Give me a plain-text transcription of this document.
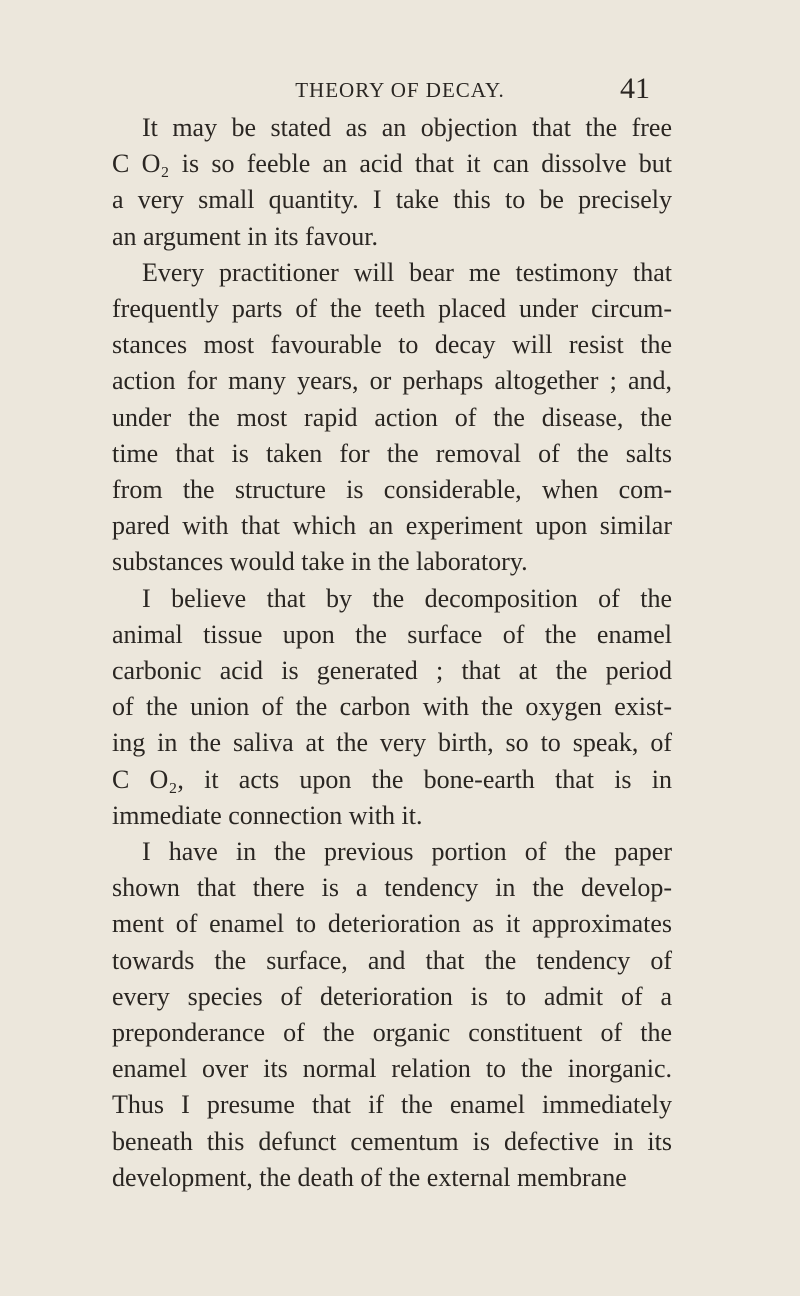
THEORY OF DECAY.	41
It may be stated as an objection that the free
C O₂ is so feeble an acid that it can dissolve but
a very small quantity. I take this to be precisely
an argument in its favour.
Every practitioner will bear me testimony that
frequently parts of the teeth placed under circum-
stances most favourable to decay will resist the
action for many years, or perhaps altogether ; and,
under the most rapid action of the disease, the
time that is taken for the removal of the salts
from the structure is considerable, when com-
pared with that which an experiment upon similar
substances would take in the laboratory.
I believe that by the decomposition of the
animal tissue upon the surface of the enamel
carbonic acid is generated ; that at the period
of the union of the carbon with the oxygen exist-
ing in the saliva at the very birth, so to speak, of
C O₂, it acts upon the bone-earth that is in
immediate connection with it.
I have in the previous portion of the paper
shown that there is a tendency in the develop-
ment of enamel to deterioration as it approximates
towards the surface, and that the tendency of
every species of deterioration is to admit of a
preponderance of the organic constituent of the
enamel over its normal relation to the inorganic.
Thus I presume that if the enamel immediately
beneath this defunct cementum is defective in its
development, the death of the external membrane
